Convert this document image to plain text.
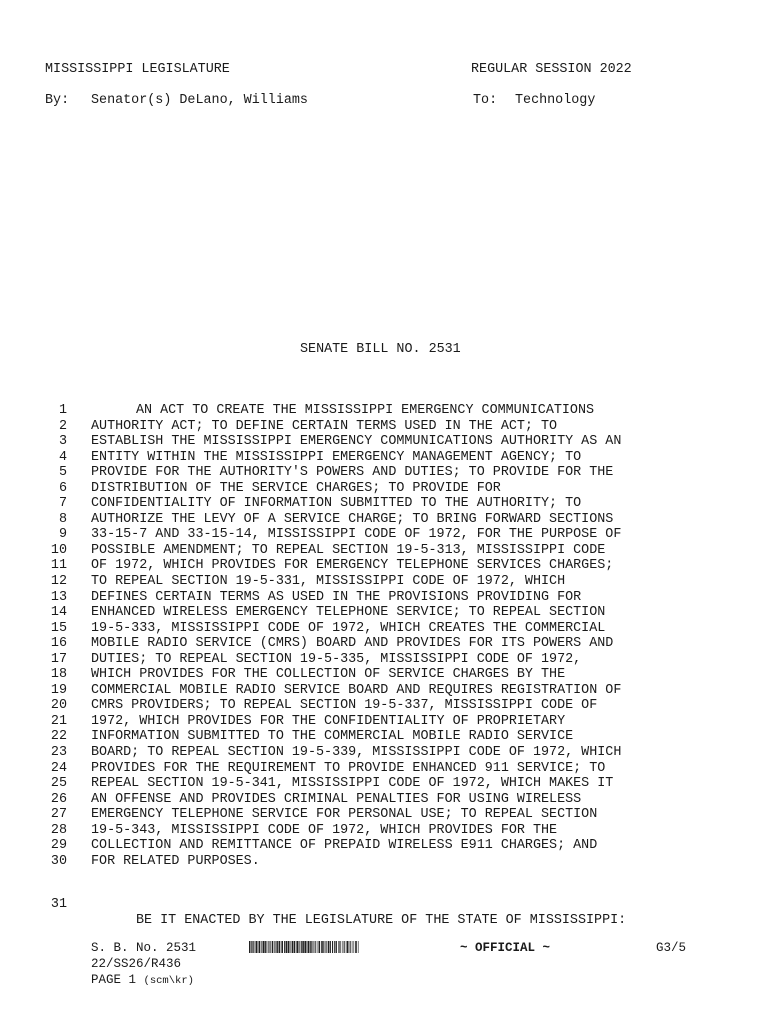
MISSISSIPPI LEGISLATURE	REGULAR SESSION 2022
By: Senator(s) DeLano, Williams	To: Technology
SENATE BILL NO. 2531
1	AN ACT TO CREATE THE MISSISSIPPI EMERGENCY COMMUNICATIONS
2 AUTHORITY ACT; TO DEFINE CERTAIN TERMS USED IN THE ACT; TO
3 ESTABLISH THE MISSISSIPPI EMERGENCY COMMUNICATIONS AUTHORITY AS AN
4 ENTITY WITHIN THE MISSISSIPPI EMERGENCY MANAGEMENT AGENCY; TO
5 PROVIDE FOR THE AUTHORITY'S POWERS AND DUTIES; TO PROVIDE FOR THE
6 DISTRIBUTION OF THE SERVICE CHARGES; TO PROVIDE FOR
7 CONFIDENTIALITY OF INFORMATION SUBMITTED TO THE AUTHORITY; TO
8 AUTHORIZE THE LEVY OF A SERVICE CHARGE; TO BRING FORWARD SECTIONS
9 33-15-7 AND 33-15-14, MISSISSIPPI CODE OF 1972, FOR THE PURPOSE OF
10 POSSIBLE AMENDMENT; TO REPEAL SECTION 19-5-313, MISSISSIPPI CODE
11 OF 1972, WHICH PROVIDES FOR EMERGENCY TELEPHONE SERVICES CHARGES;
12 TO REPEAL SECTION 19-5-331, MISSISSIPPI CODE OF 1972, WHICH
13 DEFINES CERTAIN TERMS AS USED IN THE PROVISIONS PROVIDING FOR
14 ENHANCED WIRELESS EMERGENCY TELEPHONE SERVICE; TO REPEAL SECTION
15 19-5-333, MISSISSIPPI CODE OF 1972, WHICH CREATES THE COMMERCIAL
16 MOBILE RADIO SERVICE (CMRS) BOARD AND PROVIDES FOR ITS POWERS AND
17 DUTIES; TO REPEAL SECTION 19-5-335, MISSISSIPPI CODE OF 1972,
18 WHICH PROVIDES FOR THE COLLECTION OF SERVICE CHARGES BY THE
19 COMMERCIAL MOBILE RADIO SERVICE BOARD AND REQUIRES REGISTRATION OF
20 CMRS PROVIDERS; TO REPEAL SECTION 19-5-337, MISSISSIPPI CODE OF
21 1972, WHICH PROVIDES FOR THE CONFIDENTIALITY OF PROPRIETARY
22 INFORMATION SUBMITTED TO THE COMMERCIAL MOBILE RADIO SERVICE
23 BOARD; TO REPEAL SECTION 19-5-339, MISSISSIPPI CODE OF 1972, WHICH
24 PROVIDES FOR THE REQUIREMENT TO PROVIDE ENHANCED 911 SERVICE; TO
25 REPEAL SECTION 19-5-341, MISSISSIPPI CODE OF 1972, WHICH MAKES IT
26 AN OFFENSE AND PROVIDES CRIMINAL PENALTIES FOR USING WIRELESS
27 EMERGENCY TELEPHONE SERVICE FOR PERSONAL USE; TO REPEAL SECTION
28 19-5-343, MISSISSIPPI CODE OF 1972, WHICH PROVIDES FOR THE
29 COLLECTION AND REMITTANCE OF PREPAID WIRELESS E911 CHARGES; AND
30 FOR RELATED PURPOSES.

31

BE IT ENACTED BY THE LEGISLATURE OF THE STATE OF MISSISSIPPI:

S. B. No. 2531
22/SS26/R436
PAGE 1 (scm\kr)
~ OFFICIAL ~	G3/5
